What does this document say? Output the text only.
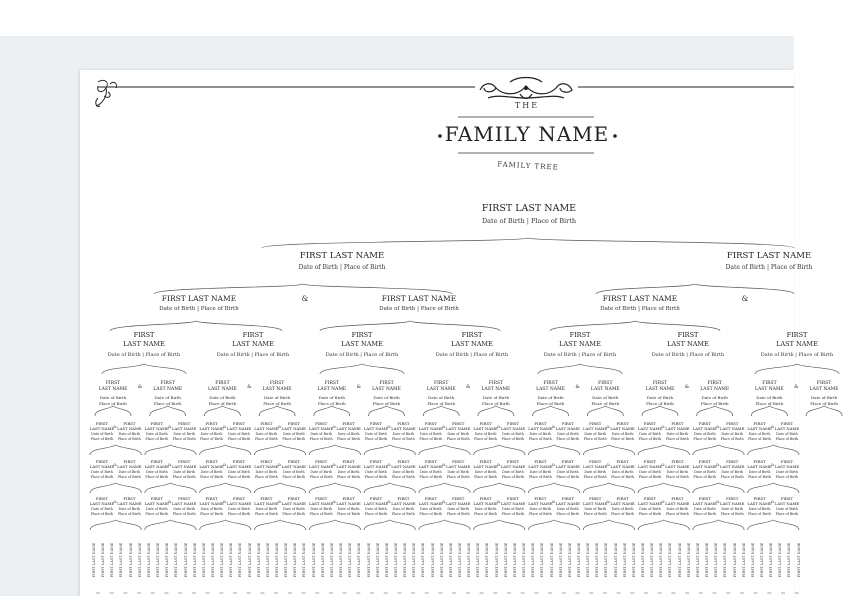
THE
FAMILY NAME
FAMILY TREE
FIRST LAST NAME
Date of Birth | Place of Birth
FIRST LAST NAME
Date of Birth | Place of Birth
FIRST LAST NAME
Date of Birth | Place of Birth
FIRST LAST NAME
Date of Birth | Place of Birth
FIRST LAST NAME
Date of Birth | Place of Birth
FIRST LAST NAME
Date of Birth | Place of Birth
&	&
FIRST
LAST NAME
Date of Birth | Place of Birth
FIRST
LAST NAME
Date of Birth | Place of Birth
FIRST
LAST NAME
Date of Birth | Place of Birth
FIRST
LAST NAME
Date of Birth | Place of Birth
FIRST
LAST NAME
Date of Birth | Place of Birth
FIRST
LAST NAME
Date of Birth | Place of Birth
FIRST
LAST NAME
Date of Birth | Place of Birth
FIRST
LAST NAME
Date of Birth
Place of Birth
FIRST
LAST NAME
Date of Birth
Place of Birth
FIRST
LAST NAME
Date of Birth
Place of Birth
FIRST
LAST NAME
Date of Birth
Place of Birth
FIRST
LAST NAME
Date of Birth
Place of Birth
FIRST
LAST NAME
Date of Birth
Place of Birth
FIRST
LAST NAME
Date of Birth
Place of Birth
FIRST
LAST NAME
Date of Birth
Place of Birth
FIRST
LAST NAME
Date of Birth
Place of Birth
FIRST
LAST NAME
Date of Birth
Place of Birth
FIRST
LAST NAME
Date of Birth
Place of Birth
FIRST
LAST NAME
Date of Birth
Place of Birth
FIRST
LAST NAME
Date of Birth
Place of Birth
FIRST
LAST NAME
Date of Birth
Place of Birth
&	&	&	&	&	&	&
FIRST
LAST NAME
Date of Birth
Place of Birth
&
FIRST
LAST NAME
Date of Birth
Place of Birth
FIRST
LAST NAME
Date of Birth
Place of Birth
&
FIRST
LAST NAME
Date of Birth
Place of Birth
FIRST
LAST NAME
Date of Birth
Place of Birth
&
FIRST
LAST NAME
Date of Birth
Place of Birth
FIRST
LAST NAME
Date of Birth
Place of Birth
&
FIRST
LAST NAME
Date of Birth
Place of Birth
FIRST
LAST NAME
Date of Birth
Place of Birth
&
FIRST
LAST NAME
Date of Birth
Place of Birth
FIRST
LAST NAME
Date of Birth
Place of Birth
&
FIRST
LAST NAME
Date of Birth
Place of Birth
FIRST
LAST NAME
Date of Birth
Place of Birth
&
FIRST
LAST NAME
Date of Birth
Place of Birth
FIRST
LAST NAME
Date of Birth
Place of Birth
&
FIRST
LAST NAME
Date of Birth
Place of Birth
FIRST
LAST NAME
Date of Birth
Place of Birth
&
FIRST
LAST NAME
Date of Birth
Place of Birth
FIRST
LAST NAME
Date of Birth
Place of Birth
&
FIRST
LAST NAME
Date of Birth
Place of Birth
FIRST
LAST NAME
Date of Birth
Place of Birth
&
FIRST
LAST NAME
Date of Birth
Place of Birth
FIRST
LAST NAME
Date of Birth
Place of Birth
&
FIRST
LAST NAME
Date of Birth
Place of Birth
FIRST
LAST NAME
Date of Birth
Place of Birth
&
FIRST
LAST NAME
Date of Birth
Place of Birth
FIRST
LAST NAME
Date of Birth
Place of Birth
&
FIRST
LAST NAME
Date of Birth
Place of Birth
FIRST
LAST NAME
Date of Birth
Place of Birth
&
FIRST
LAST NAME
Date of Birth
Place of Birth
FIRST
LAST NAME
Date of Birth
Place of Birth
&
FIRST
LAST NAME
Date of Birth
Place of Birth
FIRST
LAST NAME
Date of Birth
Place of Birth
&
FIRST
LAST NAME
Date of Birth
Place of Birth
FIRST
LAST NAME
Date of Birth
Place of Birth
&
FIRST
LAST NAME
Date of Birth
Place of Birth
FIRST
LAST NAME
Date of Birth
Place of Birth
&
FIRST
LAST NAME
Date of Birth
Place of Birth
FIRST
LAST NAME
Date of Birth
Place of Birth
&
FIRST
LAST NAME
Date of Birth
Place of Birth
FIRST
LAST NAME
Date of Birth
Place of Birth
&
FIRST
LAST NAME
Date of Birth
Place of Birth
FIRST
LAST NAME
Date of Birth
Place of Birth
&
FIRST
LAST NAME
Date of Birth
Place of Birth
FIRST
LAST NAME
Date of Birth
Place of Birth
&
FIRST
LAST NAME
Date of Birth
Place of Birth
FIRST
LAST NAME
Date of Birth
Place of Birth
&
FIRST
LAST NAME
Date of Birth
Place of Birth
FIRST
LAST NAME
Date of Birth
Place of Birth
&
FIRST
LAST NAME
Date of Birth
Place of Birth
FIRST
LAST NAME
Date of Birth
Place of Birth
&
FIRST
LAST NAME
Date of Birth
Place of Birth
FIRST
LAST NAME
Date of Birth
Place of Birth
&
FIRST
LAST NAME
Date of Birth
Place of Birth
FIRST
LAST NAME
Date of Birth
Place of Birth
&
FIRST
LAST NAME
Date of Birth
Place of Birth
FIRST
LAST NAME
Date of Birth
Place of Birth
&
FIRST
LAST NAME
Date of Birth
Place of Birth
FIRST
LAST NAME
Date of Birth
Place of Birth
&
FIRST
LAST NAME
Date of Birth
Place of Birth
FIRST
LAST NAME
Date of Birth
Place of Birth
&
FIRST
LAST NAME
Date of Birth
Place of Birth
FIRST
LAST NAME
Date of Birth
Place of Birth
&
FIRST
LAST NAME
Date of Birth
Place of Birth
FIRST
LAST NAME
Date of Birth
Place of Birth
&
FIRST
LAST NAME
Date of Birth
Place of Birth
FIRST
LAST NAME
Date of Birth
Place of Birth
&
FIRST
LAST NAME
Date of Birth
Place of Birth
FIRST
LAST NAME
Date of Birth
Place of Birth
&
FIRST
LAST NAME
Date of Birth
Place of Birth
FIRST
LAST NAME
Date of Birth
Place of Birth
&
FIRST
LAST NAME
Date of Birth
Place of Birth
FIRST
LAST NAME
Date of Birth
Place of Birth
&
FIRST
LAST NAME
Date of Birth
Place of Birth
FIRST
LAST NAME
Date of Birth
Place of Birth
&
FIRST
LAST NAME
Date of Birth
Place of Birth
FIRST
LAST NAME
Date of Birth
Place of Birth
&
FIRST
LAST NAME
Date of Birth
Place of Birth
FIRST LAST NAME FIRST LAST NAME FIRST LAST NAME FIRST LAST NAME FIRST LAST NAME FIRST LAST NAME FIRST LAST NAME FIRST LAST NAME FIRST LAST NAME FIRST LAST NAME FIRST LAST NAME FIRST LAST NAME FIRST LAST NAME FIRST LAST NAME FIRST LAST NAME FIRST LAST NAME FIRST LAST NAME FIRST LAST NAME FIRST LAST NAME FIRST LAST NAME FIRST LAST NAME FIRST LAST NAME FIRST LAST NAME FIRST LAST NAME FIRST LAST NAME FIRST LAST NAME FIRST LAST NAME FIRST LAST NAME FIRST LAST NAME FIRST LAST NAME FIRST LAST NAME FIRST LAST NAME FIRST LAST NAME FIRST LAST NAME FIRST LAST NAME FIRST LAST NAME FIRST LAST NAME FIRST LAST NAME FIRST LAST NAME FIRST LAST NAME FIRST LAST NAME FIRST LAST NAME FIRST LAST NAME FIRST LAST NAME FIRST LAST NAME FIRST LAST NAME FIRST LAST NAME FIRST LAST NAME FIRST LAST NAME FIRST LAST NAME FIRST LAST NAME FIRST LAST NAME FIRST LAST NAME FIRST LAST NAME FIRST LAST NAME FIRST LAST NAME FIRST LAST NAME FIRST LAST NAME FIRST LAST NAME FIRST LAST NAME FIRST LAST NAME FIRST LAST NAME FIRST LAST NAME FIRST LAST NAME FIRST LAST NAME FIRST LAST NAME FIRST LAST NAME FIRST LAST NAME FIRST LAST NAME FIRST LAST NAME FIRST LAST NAME FIRST LAST NAME FIRST LAST NAME FIRST LAST NAME FIRST LAST NAME FIRST LAST NAME FIRST LAST NAME FIRST LAST NAME
